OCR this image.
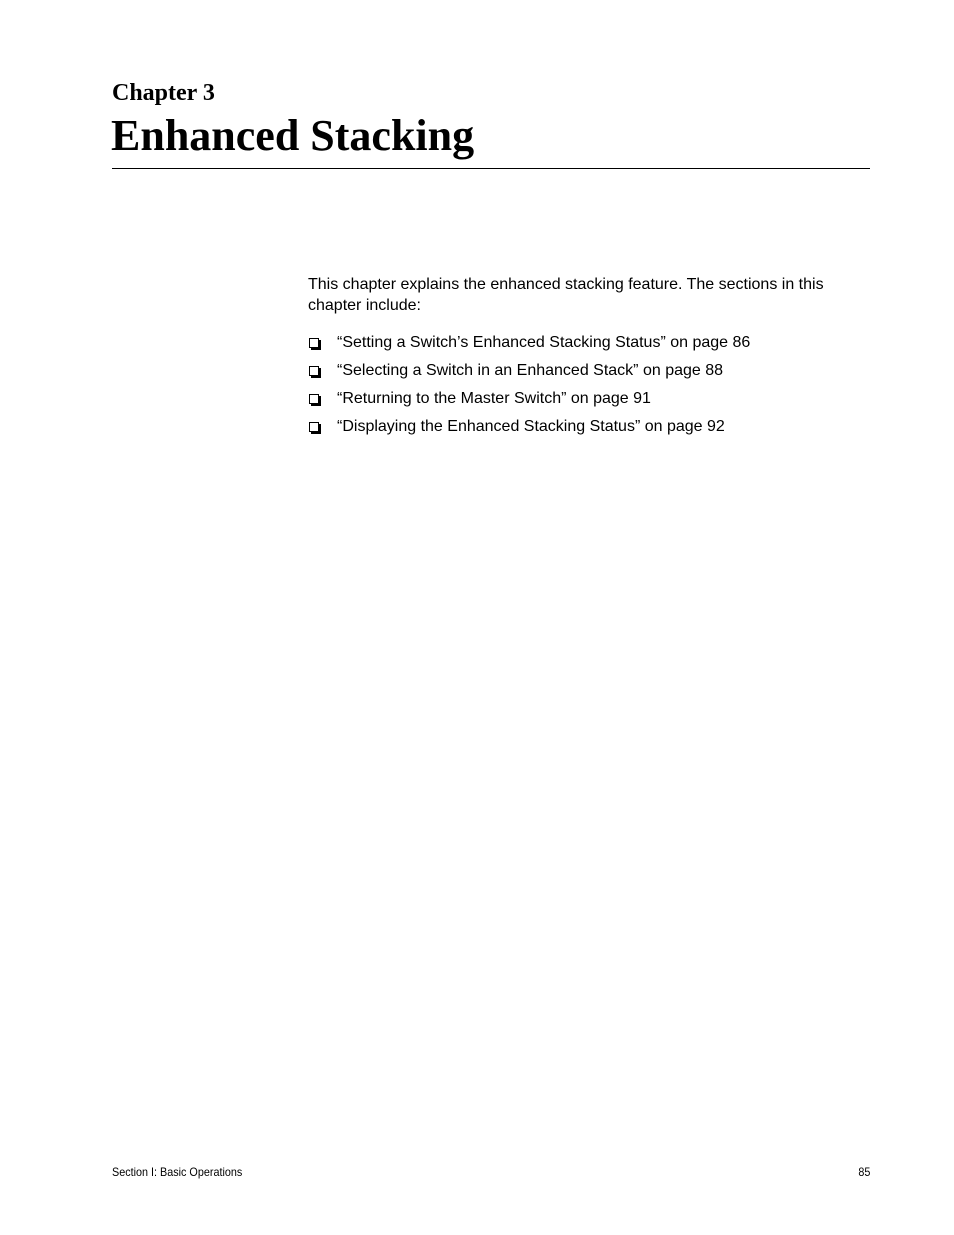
Chapter 3
Enhanced Stacking

This chapter explains the enhanced stacking feature. The sections in this chapter include:

“Setting a Switch’s Enhanced Stacking Status” on page 86
“Selecting a Switch in an Enhanced Stack” on page 88
“Returning to the Master Switch” on page 91
“Displaying the Enhanced Stacking Status” on page 92
Section I: Basic Operations	85
